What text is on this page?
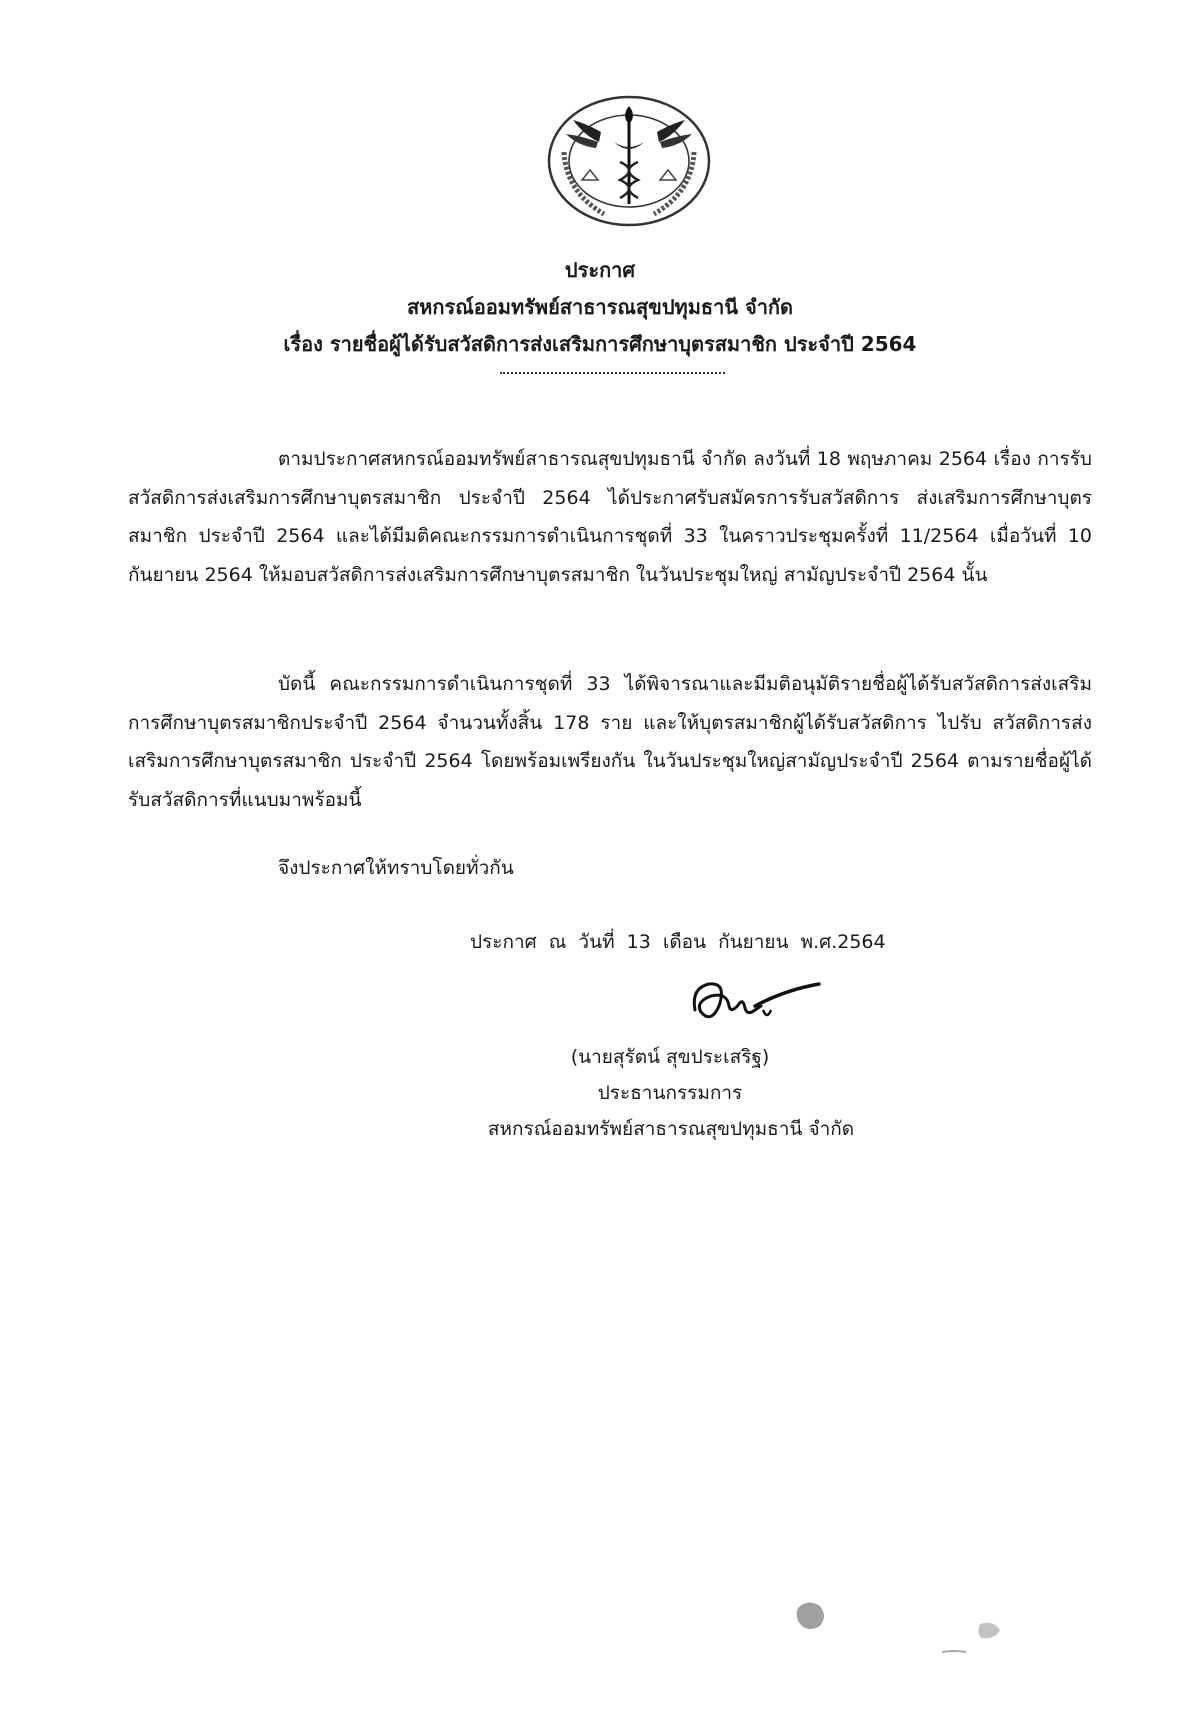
ประกาศ
สหกรณ์ออมทรัพย์สาธารณสุขปทุมธานี จำกัด
เรื่อง รายชื่อผู้ได้รับสวัสดิการส่งเสริมการศึกษาบุตรสมาชิก ประจำปี 2564
ตามประกาศสหกรณ์ออมทรัพย์สาธารณสุขปทุมธานี จำกัด ลงวันที่ 18 พฤษภาคม 2564 เรื่อง การรับสวัสดิการส่งเสริมการศึกษาบุตรสมาชิก ประจำปี 2564 ได้ประกาศรับสมัครการรับสวัสดิการ ส่งเสริมการศึกษาบุตรสมาชิก ประจำปี 2564 และได้มีมติคณะกรรมการดำเนินการชุดที่ 33 ในคราวประชุมครั้งที่ 11/2564 เมื่อวันที่ 10 กันยายน 2564 ให้มอบสวัสดิการส่งเสริมการศึกษาบุตรสมาชิก ในวันประชุมใหญ่ สามัญประจำปี 2564 นั้น
บัดนี้ คณะกรรมการดำเนินการชุดที่ 33 ได้พิจารณาและมีมติอนุมัติรายชื่อผู้ได้รับสวัสดิการส่งเสริม การศึกษาบุตรสมาชิกประจำปี 2564 จำนวนทั้งสิ้น 178 ราย และให้บุตรสมาชิกผู้ได้รับสวัสดิการ ไปรับ สวัสดิการส่งเสริมการศึกษาบุตรสมาชิก ประจำปี 2564 โดยพร้อมเพรียงกัน ในวันประชุมใหญ่สามัญประจำปี 2564 ตามรายชื่อผู้ได้รับสวัสดิการที่แนบมาพร้อมนี้
จึงประกาศให้ทราบโดยทั่วกัน
ประกาศ ณ วันที่ 13 เดือน กันยายน พ.ศ.2564
(นายสุรัตน์ สุขประเสริฐ)
ประธานกรรมการ
สหกรณ์ออมทรัพย์สาธารณสุขปทุมธานี จำกัด
